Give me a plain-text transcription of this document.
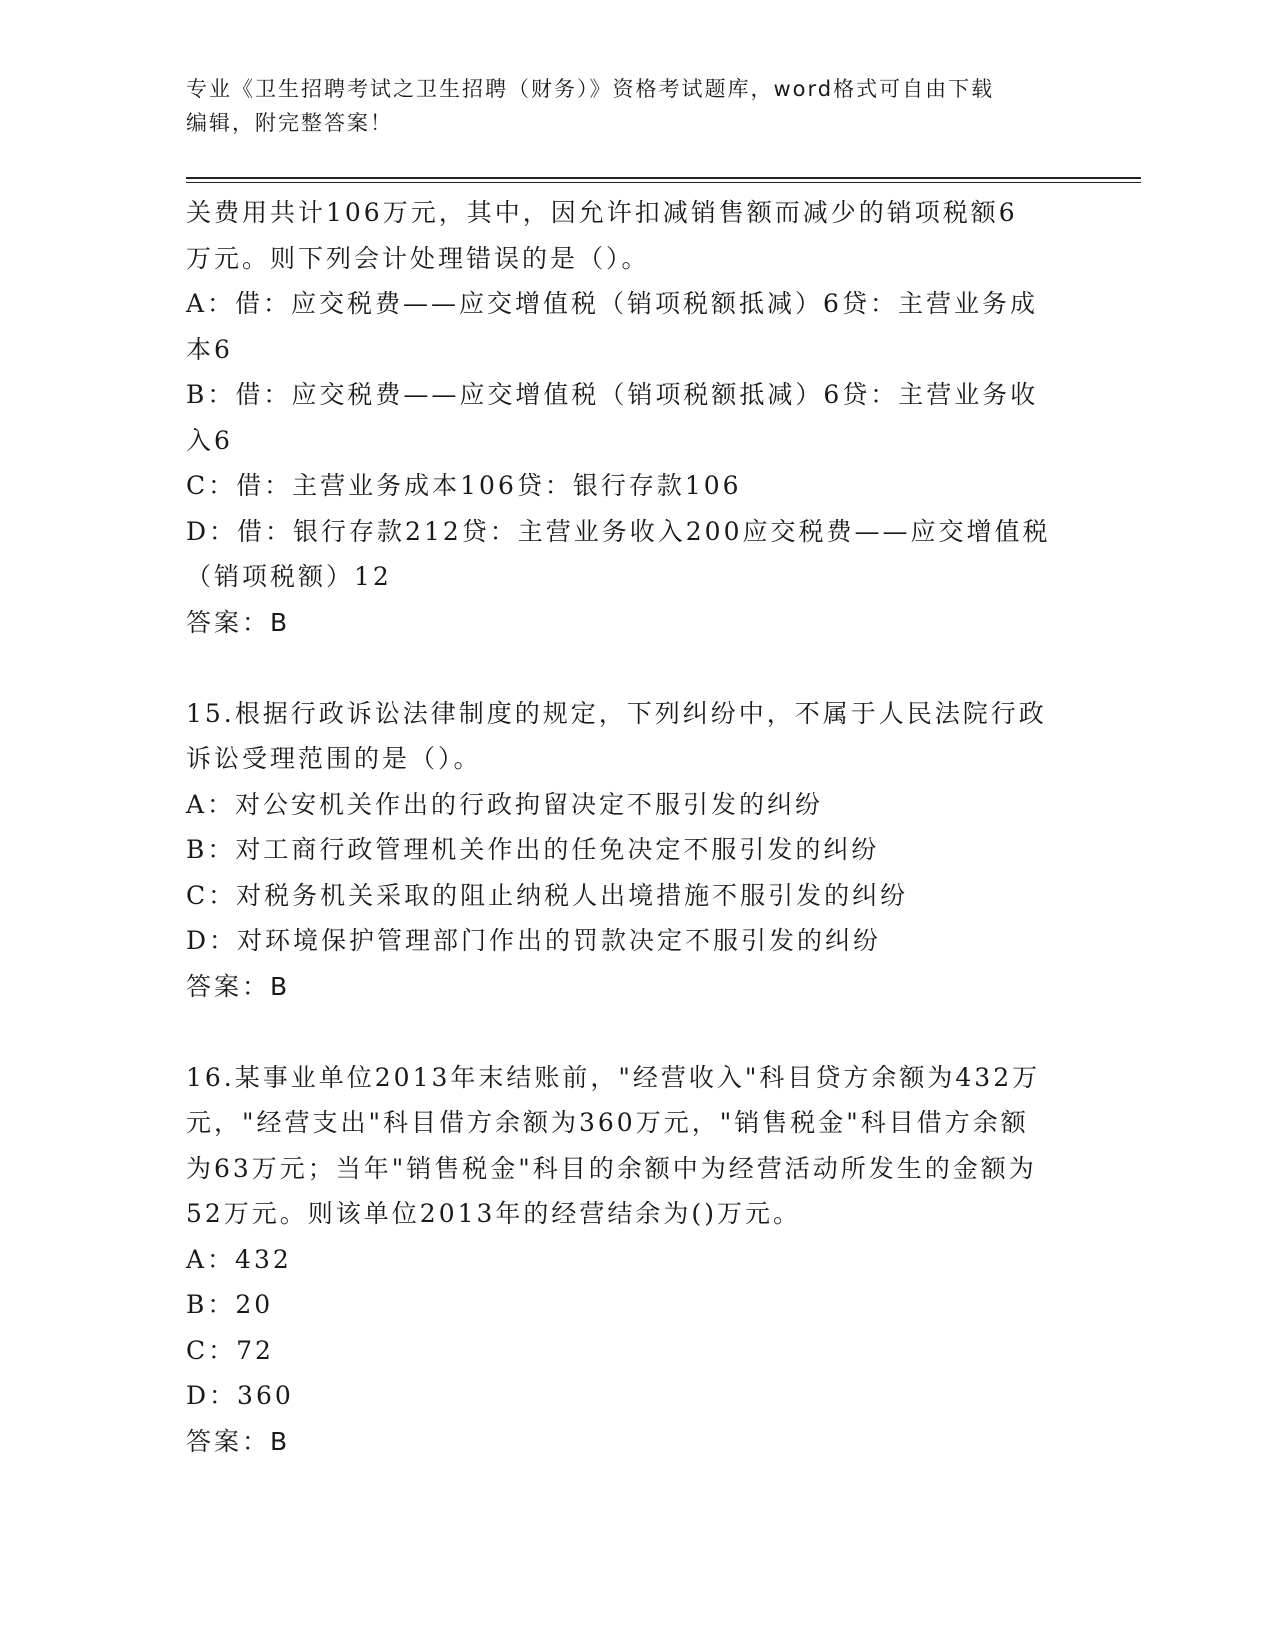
专业《卫生招聘考试之卫生招聘（财务）》资格考试题库，word格式可自由下载
编辑，附完整答案！
关费用共计106万元，其中，因允许扣减销售额而减少的销项税额6
万元。则下列会计处理错误的是（）。
A：借：应交税费——应交增值税（销项税额抵减）6贷：主营业务成
本6
B：借：应交税费——应交增值税（销项税额抵减）6贷：主营业务收
入6
C：借：主营业务成本106贷：银行存款106
D：借：银行存款212贷：主营业务收入200应交税费——应交增值税
（销项税额）12
答案：B
15.根据行政诉讼法律制度的规定，下列纠纷中，不属于人民法院行政
诉讼受理范围的是（）。
A：对公安机关作出的行政拘留决定不服引发的纠纷
B：对工商行政管理机关作出的任免决定不服引发的纠纷
C：对税务机关采取的阻止纳税人出境措施不服引发的纠纷
D：对环境保护管理部门作出的罚款决定不服引发的纠纷
答案：B
16.某事业单位2013年末结账前，"经营收入"科目贷方余额为432万
元，"经营支出"科目借方余额为360万元，"销售税金"科目借方余额
为63万元；当年"销售税金"科目的余额中为经营活动所发生的金额为
52万元。则该单位2013年的经营结余为()万元。
A：432
B：20
C：72
D：360
答案：B
